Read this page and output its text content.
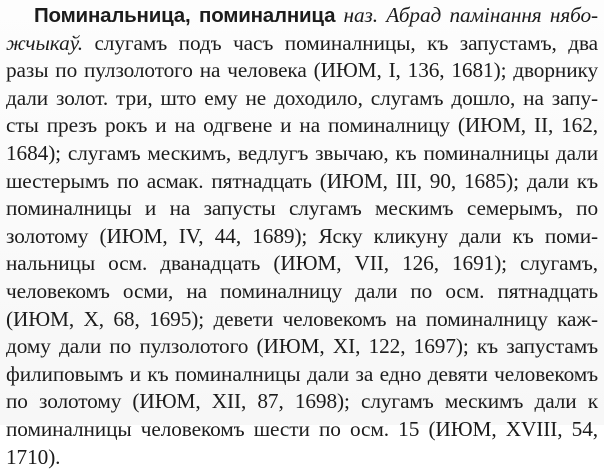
Поминальница, поминалница наз. Абрад памінання нябо-
жчыкаў. слугамъ подъ часъ поминалницы, къ запустамъ, два
разы по пулзолотого на человека (ИЮМ, I, 136, 1681); дворнику
дали золот. три, што ему не доходило, слугамъ дошло, на запу-
сты презъ рокъ и на одгвене и на поминалницу (ИЮМ, II, 162,
1684); слугамъ мескимъ, ведлугъ звычаю, къ поминалницы дали
шестерымъ по асмак. пятнадцать (ИЮМ, III, 90, 1685); дали къ
поминалницы и на запусты слугамъ мескимъ семерымъ, по
золотому (ИЮМ, IV, 44, 1689); Яску кликуну дали къ поми-
нальницы осм. дванадцать (ИЮМ, VII, 126, 1691); слугамъ,
человекомъ осми, на поминалницу дали по осм. пятнадцать
(ИЮМ, X, 68, 1695); девети человекомъ на поминалницу каж-
дому дали по пулзолотого (ИЮМ, XI, 122, 1697); къ запустамъ
филиповымъ и къ поминалницы дали за едно девяти человекомъ
по золотому (ИЮМ, XII, 87, 1698); слугамъ мескимъ дали к
поминалницы человекомъ шести по осм. 15 (ИЮМ, XVIII, 54,
1710).
